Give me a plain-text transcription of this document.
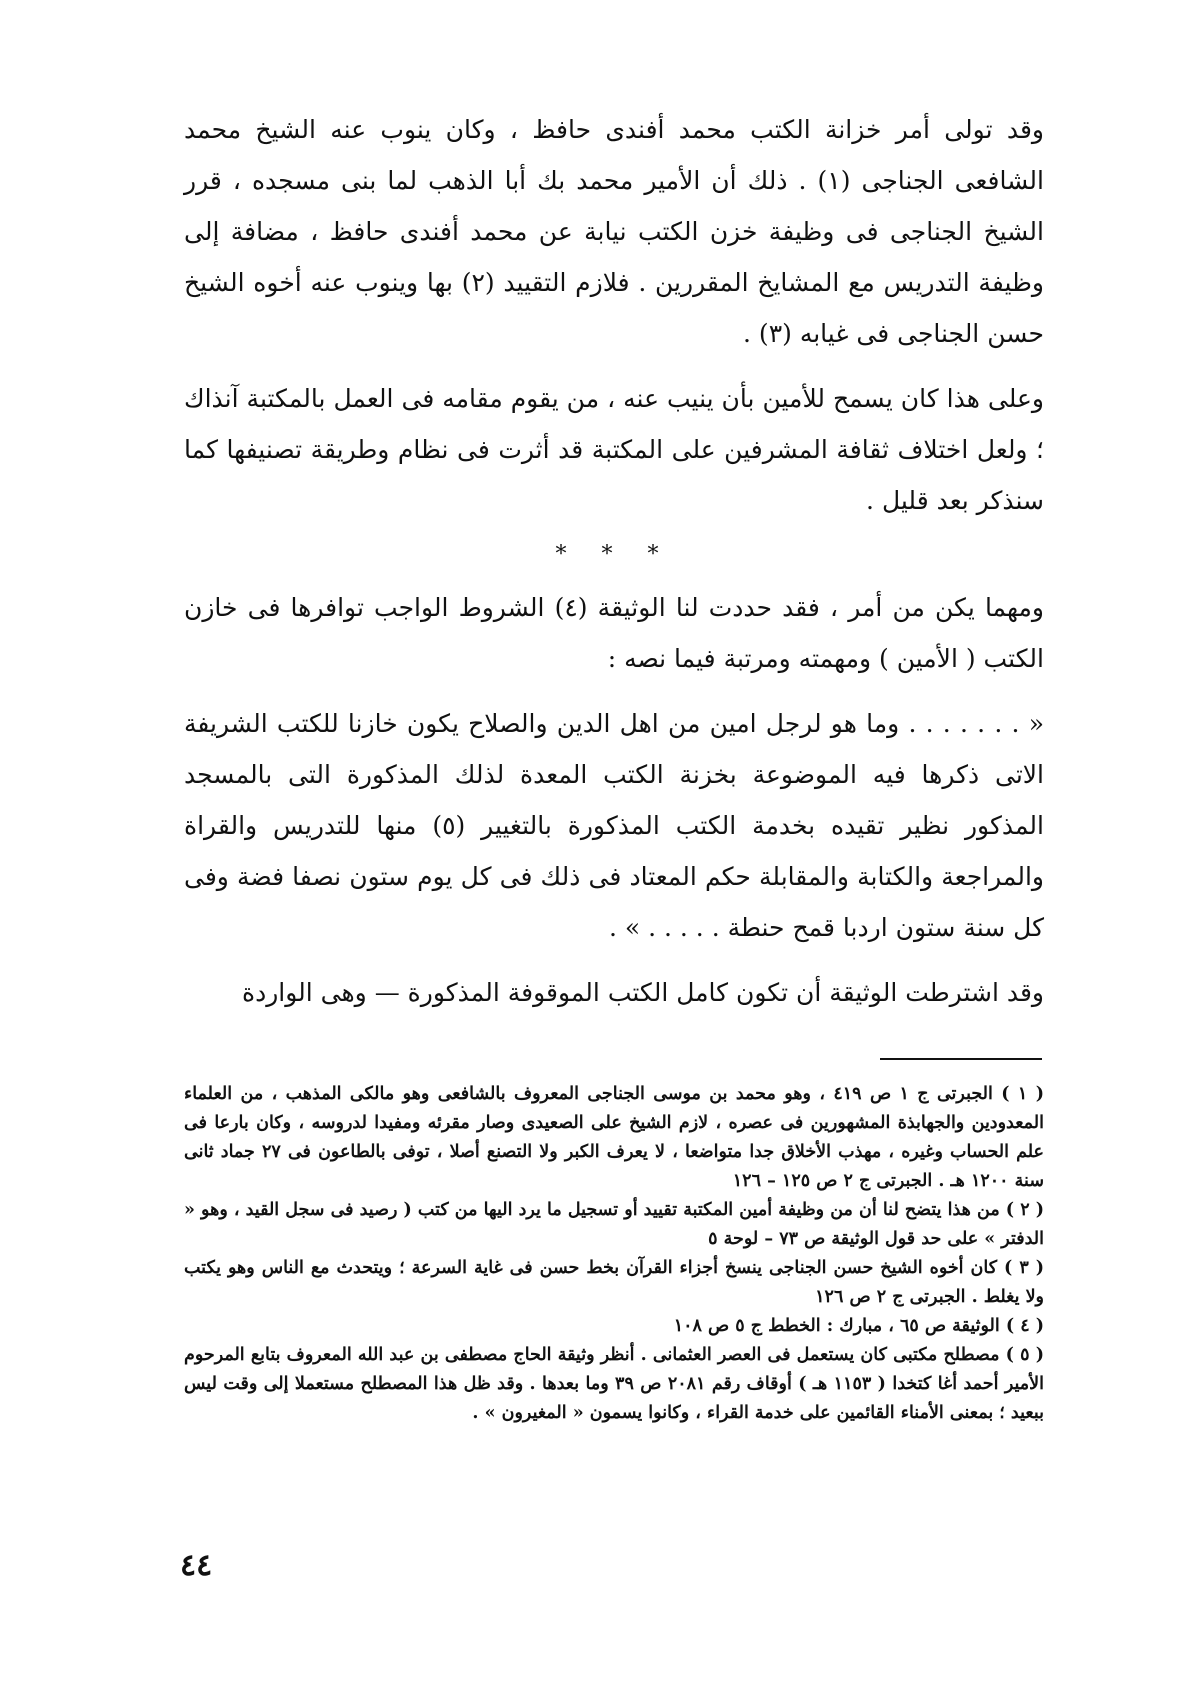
وقد تولى أمر خزانة الكتب محمد أفندى حافظ ، وكان ينوب عنه الشيخ محمد الشافعى الجناجى (١) . ذلك أن الأمير محمد بك أبا الذهب لما بنى مسجده ، قرر الشيخ الجناجى فى وظيفة خزن الكتب نيابة عن محمد أفندى حافظ ، مضافة إلى وظيفة التدريس مع المشايخ المقررين . فلازم التقييد (٢) بها وينوب عنه أخوه الشيخ حسن الجناجى فى غيابه (٣) .

وعلى هذا كان يسمح للأمين بأن ينيب عنه ، من يقوم مقامه فى العمل بالمكتبة آنذاك ؛ ولعل اختلاف ثقافة المشرفين على المكتبة قد أثرت فى نظام وطريقة تصنيفها كما سنذكر بعد قليل .

* * *

ومهما يكن من أمر ، فقد حددت لنا الوثيقة (٤) الشروط الواجب توافرها فى خازن الكتب ( الأمين ) ومهمته ومرتبة فيما نصه :

« . . . . . . . وما هو لرجل امين من اهل الدين والصلاح يكون خازنا للكتب الشريفة الاتى ذكرها فيه الموضوعة بخزنة الكتب المعدة لذلك المذكورة التى بالمسجد المذكور نظير تقيده بخدمة الكتب المذكورة بالتغيير (٥) منها للتدريس والقراة والمراجعة والكتابة والمقابلة حكم المعتاد فى ذلك فى كل يوم ستون نصفا فضة وفى كل سنة ستون اردبا قمح حنطة . . . . . » .

وقد اشترطت الوثيقة أن تكون كامل الكتب الموقوفة المذكورة — وهى الواردة

( ١ ) الجبرتى ج ١ ص ٤١٩ ، وهو محمد بن موسى الجناجى المعروف بالشافعى وهو مالكى المذهب ، من العلماء المعدودين والجهابذة المشهورين فى عصره ، لازم الشيخ على الصعيدى وصار مقرئه ومفيدا لدروسه ، وكان بارعا فى علم الحساب وغيره ، مهذب الأخلاق جدا متواضعا ، لا يعرف الكبر ولا التصنع أصلا ، توفى بالطاعون فى ٢٧ جماد ثانى سنة ١٢٠٠ هـ . الجبرتى ج ٢ ص ١٢٥ – ١٢٦

( ٢ ) من هذا يتضح لنا أن من وظيفة أمين المكتبة تقييد أو تسجيل ما يرد اليها من كتب ( رصيد فى سجل القيد ، وهو « الدفتر » على حد قول الوثيقة ص ٧٣ – لوحة ٥

( ٣ ) كان أخوه الشيخ حسن الجناجى ينسخ أجزاء القرآن بخط حسن فى غاية السرعة ؛ ويتحدث مع الناس وهو يكتب ولا يغلط . الجبرتى ج ٢ ص ١٢٦

( ٤ ) الوثيقة ص ٦٥ ، مبارك : الخطط ج ٥ ص ١٠٨

( ٥ ) مصطلح مكتبى كان يستعمل فى العصر العثمانى . أنظر وثيقة الحاج مصطفى بن عبد الله المعروف بتابع المرحوم الأمير أحمد أغا كتخدا ( ١١٥٣ هـ ) أوقاف رقم ٢٠٨١ ص ٣٩ وما بعدها . وقد ظل هذا المصطلح مستعملا إلى وقت ليس ببعيد ؛ بمعنى الأمناء القائمين على خدمة القراء ، وكانوا يسمون « المغيرون » .

٤٤
